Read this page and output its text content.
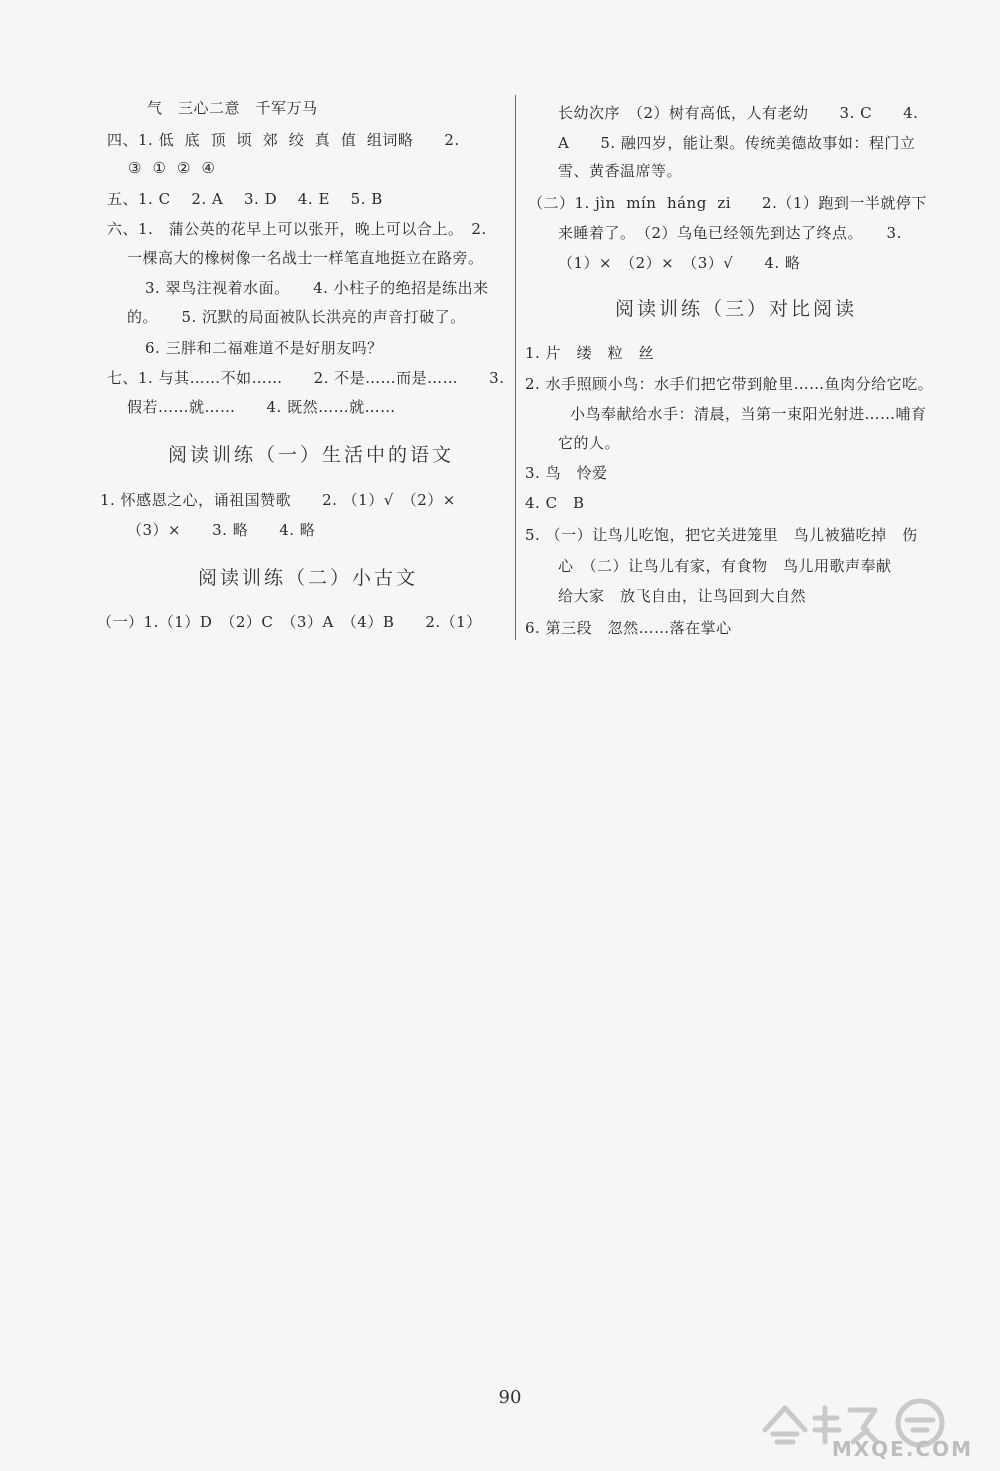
气　三心二意　千军万马
四、1. 低  底  顶  顷  郊  绞  真  值  组词略　　2.
③  ①  ②  ④
五、1. C　 2. A　 3. D　 4. E　 5. B
六、1.　蒲公英的花早上可以张开，晚上可以合上。　2.
一棵高大的橡树像一名战士一样笔直地挺立在路旁。
3. 翠鸟注视着水面。　　4. 小柱子的绝招是练出来
的。　　5. 沉默的局面被队长洪亮的声音打破了。
6. 三胖和二福难道不是好朋友吗？
七、1. 与其……不如……　　2. 不是……而是……　　3.
假若……就……　　4. 既然……就……
阅读训练（一）生活中的语文
1. 怀感恩之心，诵祖国赞歌　　2. （1）√　（2）×
（3）×　　3. 略　　4. 略
阅读训练（二）小古文
（一）1.（1）D　（2）C　（3）A　（4）B　　2.（1）
长幼次序　（2）树有高低，人有老幼　　3. C　　4.
A　　5. 融四岁，能让梨。传统美德故事如：程门立
雪、黄香温席等。
（二）1. jìn  mín  háng  zi　　2.（1）跑到一半就停下
来睡着了。　（2）乌龟已经领先到达了终点。　　3.
（1）×　（2）×　（3）√　　4. 略
阅读训练（三）对比阅读
1. 片　缕　粒　丝
2. 水手照顾小鸟：水手们把它带到舱里……鱼肉分给它吃。
小鸟奉献给水手：清晨，当第一束阳光射进……哺育
它的人。
3. 鸟　怜爱
4. C　B
5. （一）让鸟儿吃饱，把它关进笼里　鸟儿被猫吃掉　伤
心　（二）让鸟儿有家，有食物　鸟儿用歌声奉献
给大家　放飞自由，让鸟回到大自然
6. 第三段　忽然……落在掌心
90
MXQE.COM
